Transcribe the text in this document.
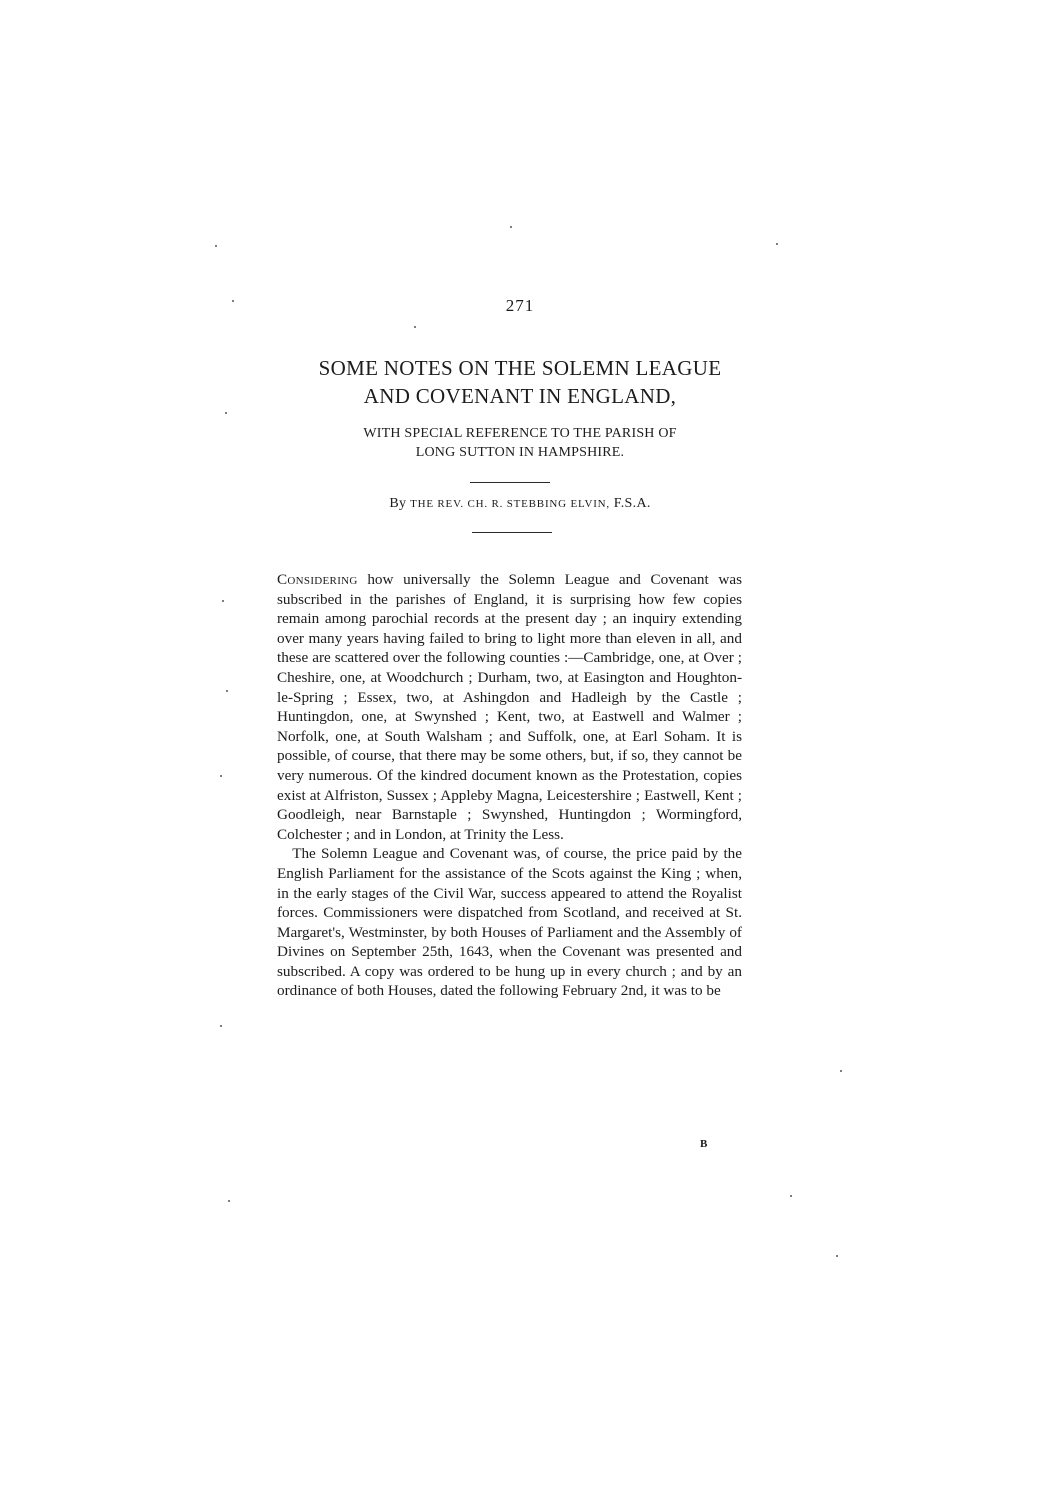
271
SOME NOTES ON THE SOLEMN LEAGUE
AND COVENANT IN ENGLAND,
WITH SPECIAL REFERENCE TO THE PARISH OF
LONG SUTTON IN HAMPSHIRE.
By THE REV. CH. R. STEBBING ELVIN, F.S.A.

Considering how universally the Solemn League and Covenant was subscribed in the parishes of England, it is surprising how few copies remain among parochial records at the present day ; an inquiry extending over many years having failed to bring to light more than eleven in all, and these are scattered over the following counties :—Cambridge, one, at Over ; Cheshire, one, at Woodchurch ; Durham, two, at Easington and Houghton-le-Spring ; Essex, two, at Ashingdon and Hadleigh by the Castle ; Huntingdon, one, at Swynshed ; Kent, two, at Eastwell and Walmer ; Norfolk, one, at South Walsham ; and Suffolk, one, at Earl Soham. It is possible, of course, that there may be some others, but, if so, they cannot be very numerous. Of the kindred document known as the Protestation, copies exist at Alfriston, Sussex ; Appleby Magna, Leicestershire ; Eastwell, Kent ; Goodleigh, near Barnstaple ; Swynshed, Huntingdon ; Wormingford, Colchester ; and in London, at Trinity the Less.

The Solemn League and Covenant was, of course, the price paid by the English Parliament for the assistance of the Scots against the King ; when, in the early stages of the Civil War, success appeared to attend the Royalist forces. Commissioners were dispatched from Scotland, and received at St. Margaret's, Westminster, by both Houses of Parliament and the Assembly of Divines on September 25th, 1643, when the Covenant was presented and subscribed. A copy was ordered to be hung up in every church ; and by an ordinance of both Houses, dated the following February 2nd, it was to be

B
